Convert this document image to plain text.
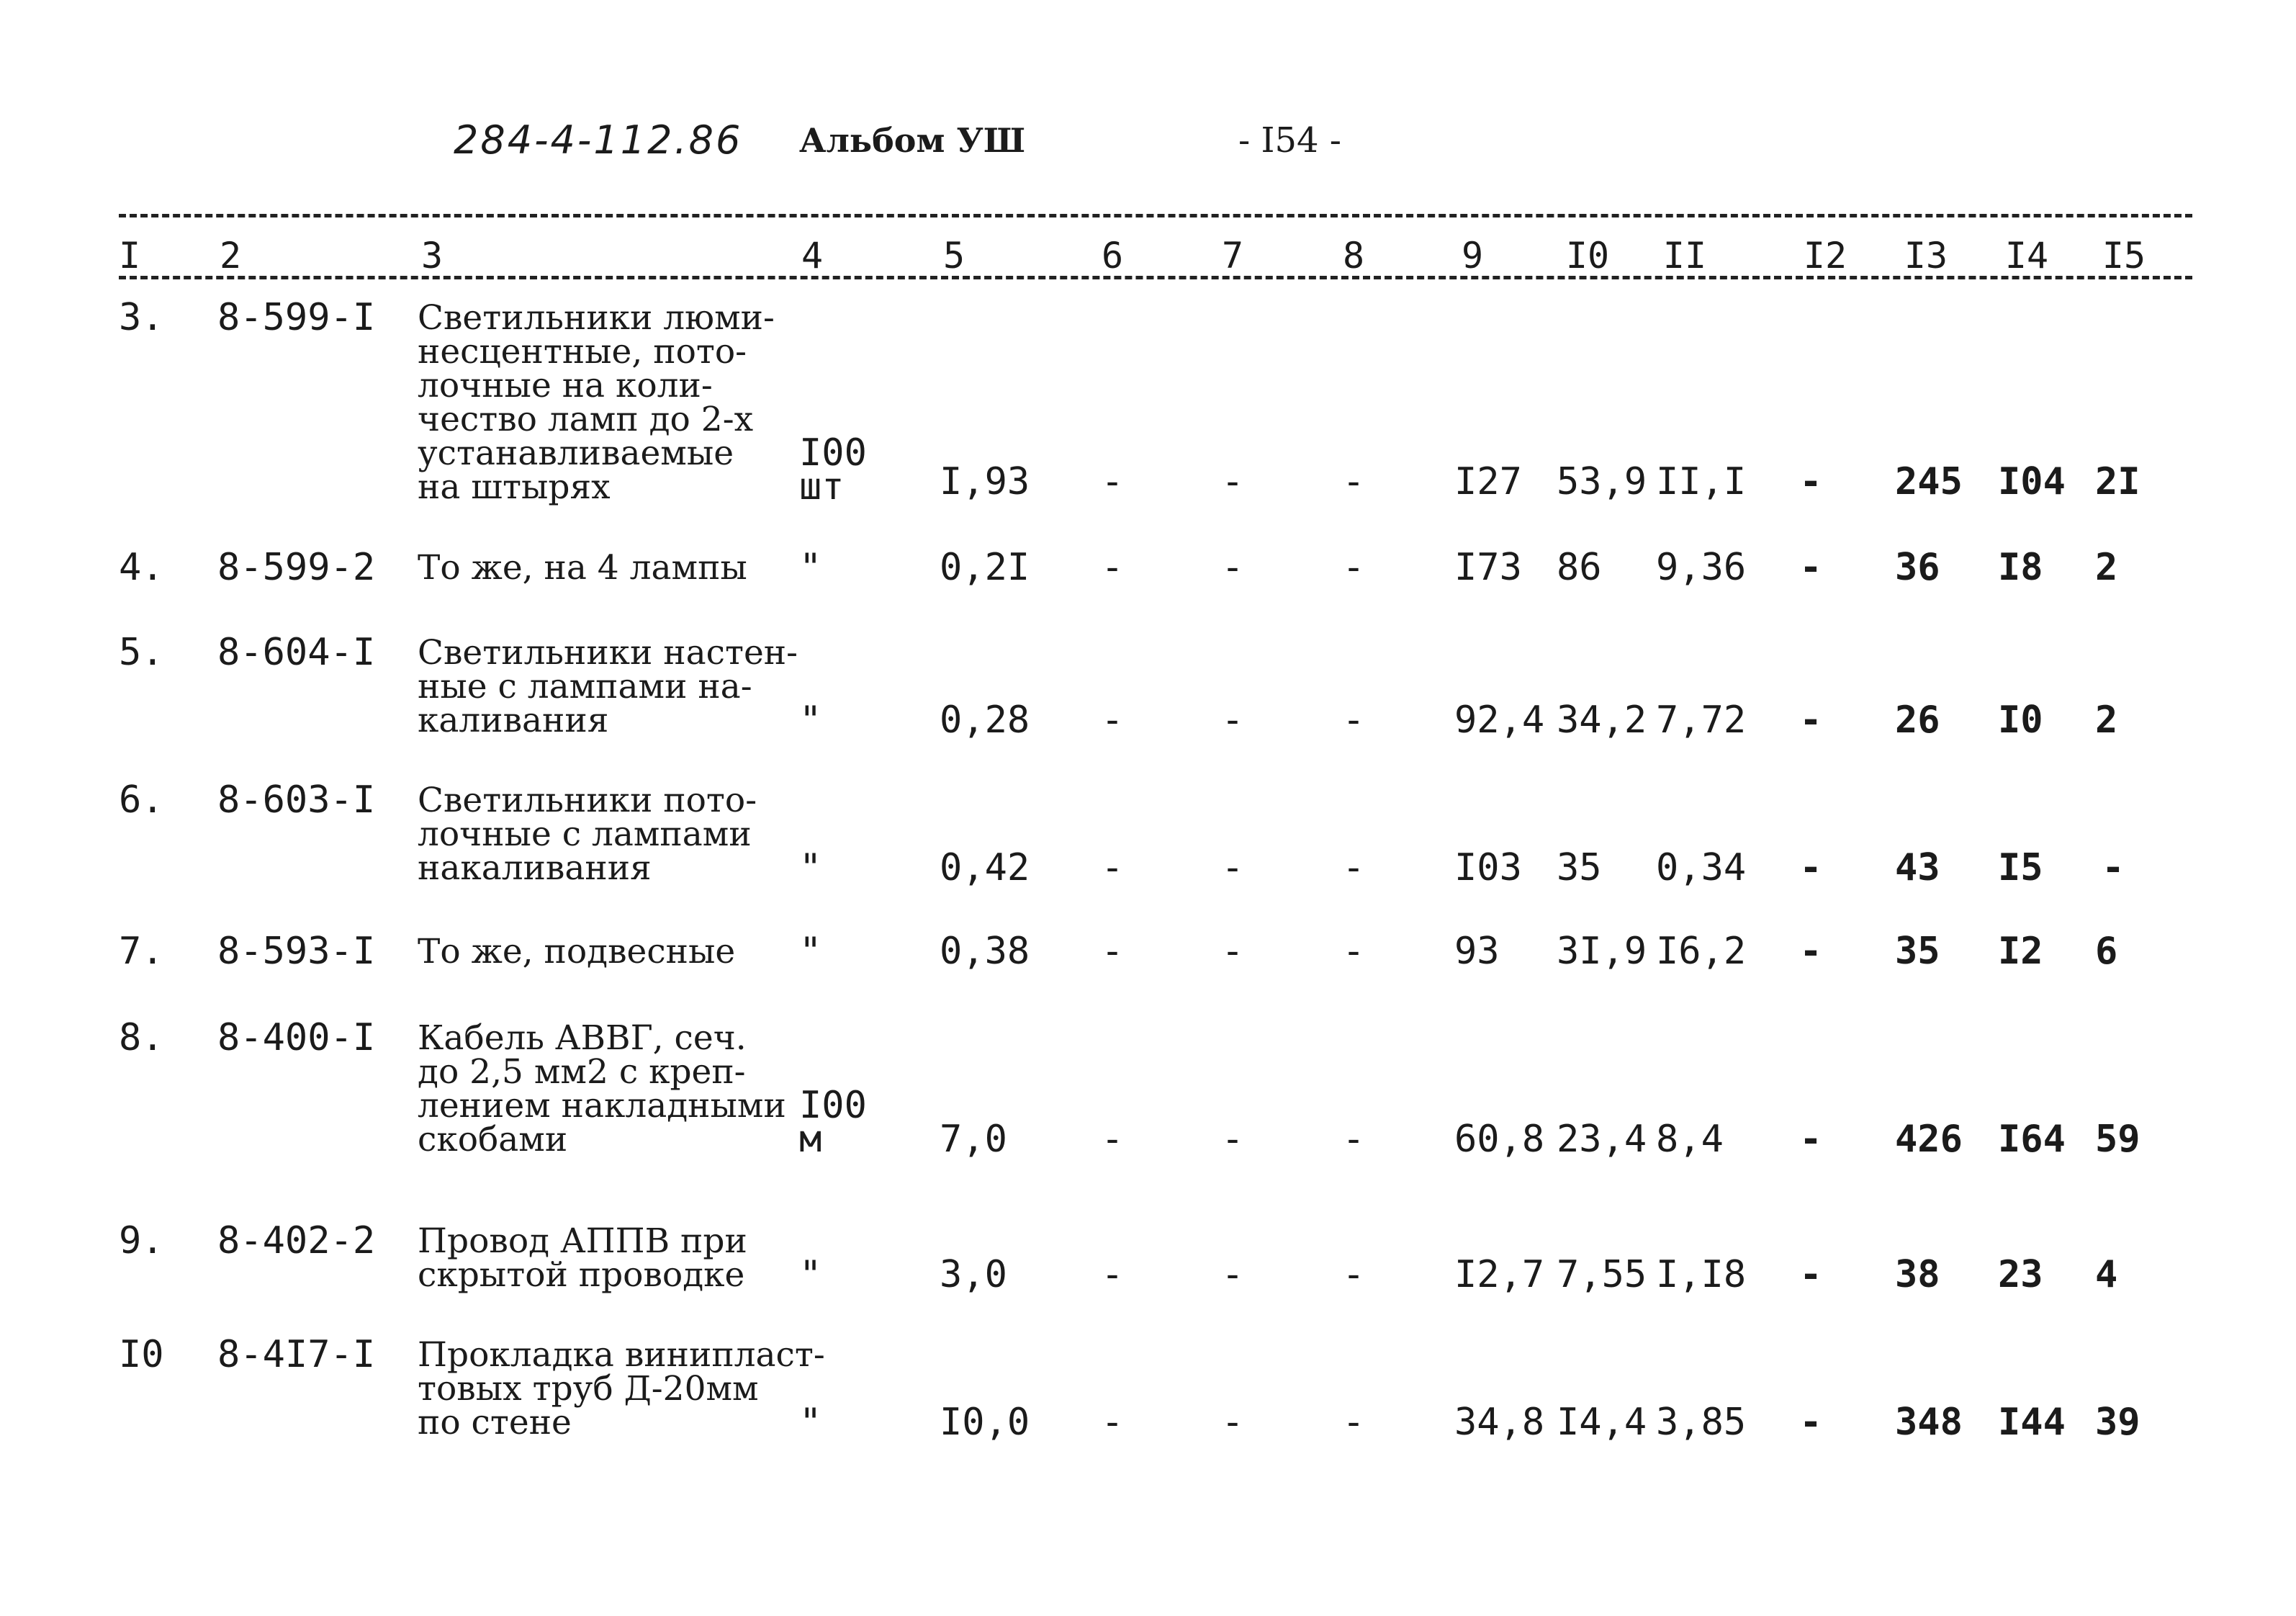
284-4-112.86 Альбом УШ	- I54 -
I	2	3	4	5	6	7	8	9	I0 II	I2 I3 I4 I5
3. 8-599-I Светильники люми-
несцентные, пото-
лочные на коли-
чество ламп до 2-х
устанавливаемые
на штырях
I00
шт	I,93	-	-	-	I27 53,9 II,I	-	245 I04 2I
4. 8-599-2 То же, на 4 лампы "	0,2I	-	-	-	I73 86 9,36	-	36 I8 2
5. 8-604-I Светильники настен-
ные с лампами на-
каливания	"	0,28	-	-	-	92,4 34,2 7,72	-	26 I0 2
6. 8-603-I Светильники пото-
лочные с лампами
накаливания	"	0,42	-	-	-	I03 35 0,34	-	43 I5	-
7. 8-593-I То же, подвесные "	0,38	-	-	-	93 3I,9 I6,2	-	35 I2 6
8. 8-400-I Кабель АВВГ, сеч.
до 2,5 мм2 с креп-
лением накладными
скобами
I00
м	7,0	-	-	-	60,8 23,4 8,4	-	426 I64 59
9. 8-402-2 Провод АППВ при
скрытой проводке "	3,0	-	-	-	I2,7 7,55 I,I8	-	38 23 4
I0 8-4I7-I Прокладка винипласт-
товых труб Д-20мм
по стене	"	I0,0	-	-	-	34,8 I4,4 3,85	-	348 I44 39
